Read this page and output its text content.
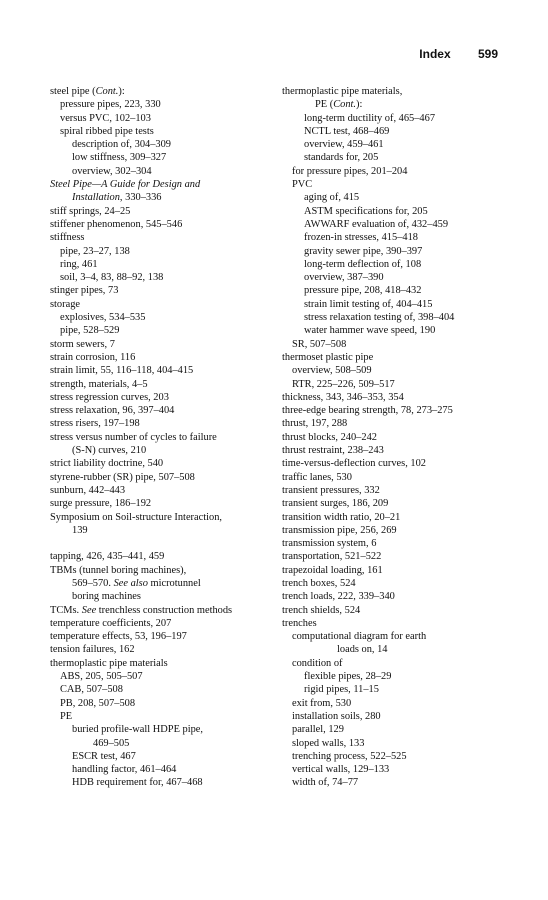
Index 599
steel pipe (Cont.):
pressure pipes, 223, 330
versus PVC, 102–103
spiral ribbed pipe tests
description of, 304–309
low stiffness, 309–327
overview, 302–304
Steel Pipe—A Guide for Design and
Installation, 330–336
stiff springs, 24–25
stiffener phenomenon, 545–546
stiffness
pipe, 23–27, 138
ring, 461
soil, 3–4, 83, 88–92, 138
stinger pipes, 73
storage
explosives, 534–535
pipe, 528–529
storm sewers, 7
strain corrosion, 116
strain limit, 55, 116–118, 404–415
strength, materials, 4–5
stress regression curves, 203
stress relaxation, 96, 397–404
stress risers, 197–198
stress versus number of cycles to failure
(S-N) curves, 210
strict liability doctrine, 540
styrene-rubber (SR) pipe, 507–508
sunburn, 442–443
surge pressure, 186–192
Symposium on Soil-structure Interaction,
139
tapping, 426, 435–441, 459
TBMs (tunnel boring machines),
569–570. See also microtunnel
boring machines
TCMs. See trenchless construction methods
temperature coefficients, 207
temperature effects, 53, 196–197
tension failures, 162
thermoplastic pipe materials
ABS, 205, 505–507
CAB, 507–508
PB, 208, 507–508
PE
buried profile-wall HDPE pipe,
469–505
ESCR test, 467
handling factor, 461–464
HDB requirement for, 467–468
thermoplastic pipe materials,
PE (Cont.):
long-term ductility of, 465–467
NCTL test, 468–469
overview, 459–461
standards for, 205
for pressure pipes, 201–204
PVC
aging of, 415
ASTM specifications for, 205
AWWARF evaluation of, 432–459
frozen-in stresses, 415–418
gravity sewer pipe, 390–397
long-term deflection of, 108
overview, 387–390
pressure pipe, 208, 418–432
strain limit testing of, 404–415
stress relaxation testing of, 398–404
water hammer wave speed, 190
SR, 507–508
thermoset plastic pipe
overview, 508–509
RTR, 225–226, 509–517
thickness, 343, 346–353, 354
three-edge bearing strength, 78, 273–275
thrust, 197, 288
thrust blocks, 240–242
thrust restraint, 238–243
time-versus-deflection curves, 102
traffic lanes, 530
transient pressures, 332
transient surges, 186, 209
transition width ratio, 20–21
transmission pipe, 256, 269
transmission system, 6
transportation, 521–522
trapezoidal loading, 161
trench boxes, 524
trench loads, 222, 339–340
trench shields, 524
trenches
computational diagram for earth
loads on, 14
condition of
flexible pipes, 28–29
rigid pipes, 11–15
exit from, 530
installation soils, 280
parallel, 129
sloped walls, 133
trenching process, 522–525
vertical walls, 129–133
width of, 74–77
